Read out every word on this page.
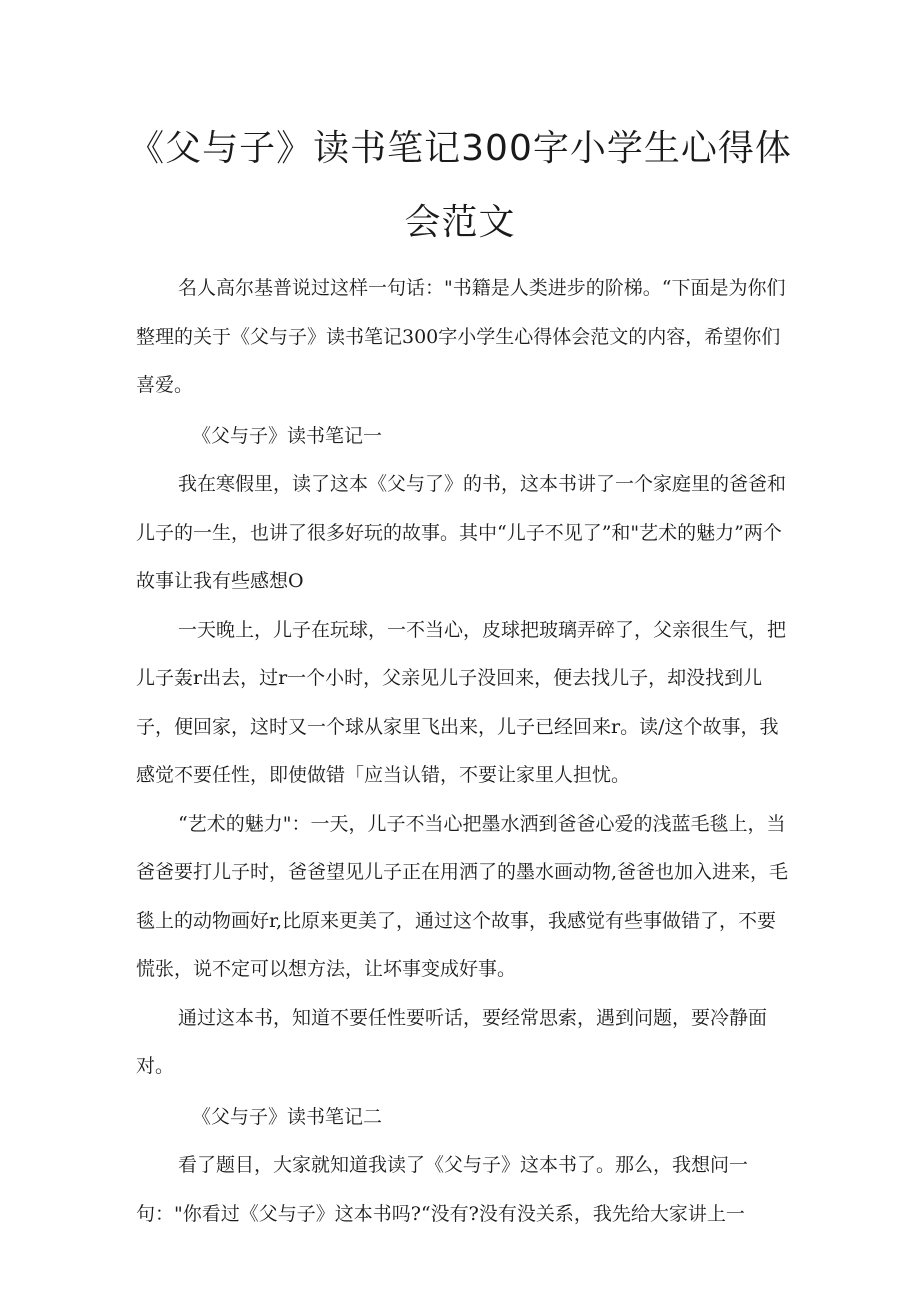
《父与子》读书笔记300字小学生心得体会范文

名人高尔基普说过这样一句话："书籍是人类进步的阶梯。“下面是为你们整理的关于《父与子》读书笔记300字小学生心得体会范文的内容，希望你们喜爱。

《父与子》读书笔记一

我在寒假里，读了这本《父与了》的书，这本书讲了一个家庭里的爸爸和儿子的一生，也讲了很多好玩的故事。其中“儿子不见了”和"艺术的魅力”两个故事让我有些感想O

一天晚上，儿子在玩球，一不当心，皮球把玻璃弄碎了，父亲很生气，把儿子轰r出去，过r一个小时，父亲见儿子没回来，便去找儿子，却没找到儿子，便回家，这时又一个球从家里飞出来，儿子已经回来r。读/这个故事，我感觉不要任性，即使做错「应当认错，不要让家里人担忧。

“艺术的魅力"：一天，儿子不当心把墨水洒到爸爸心爱的浅蓝毛毯上，当爸爸要打儿子时，爸爸望见儿子正在用洒了的墨水画动物,爸爸也加入进来，毛毯上的动物画好r,比原来更美了，通过这个故事，我感觉有些事做错了，不要慌张，说不定可以想方法，让坏事变成好事。

通过这本书，知道不要任性要听话，要经常思索，遇到问题，要冷静面对。

《父与子》读书笔记二

看了题目，大家就知道我读了《父与子》这本书了。那么，我想问一句："你看过《父与子》这本书吗?“没有?没有没关系，我先给大家讲上一
